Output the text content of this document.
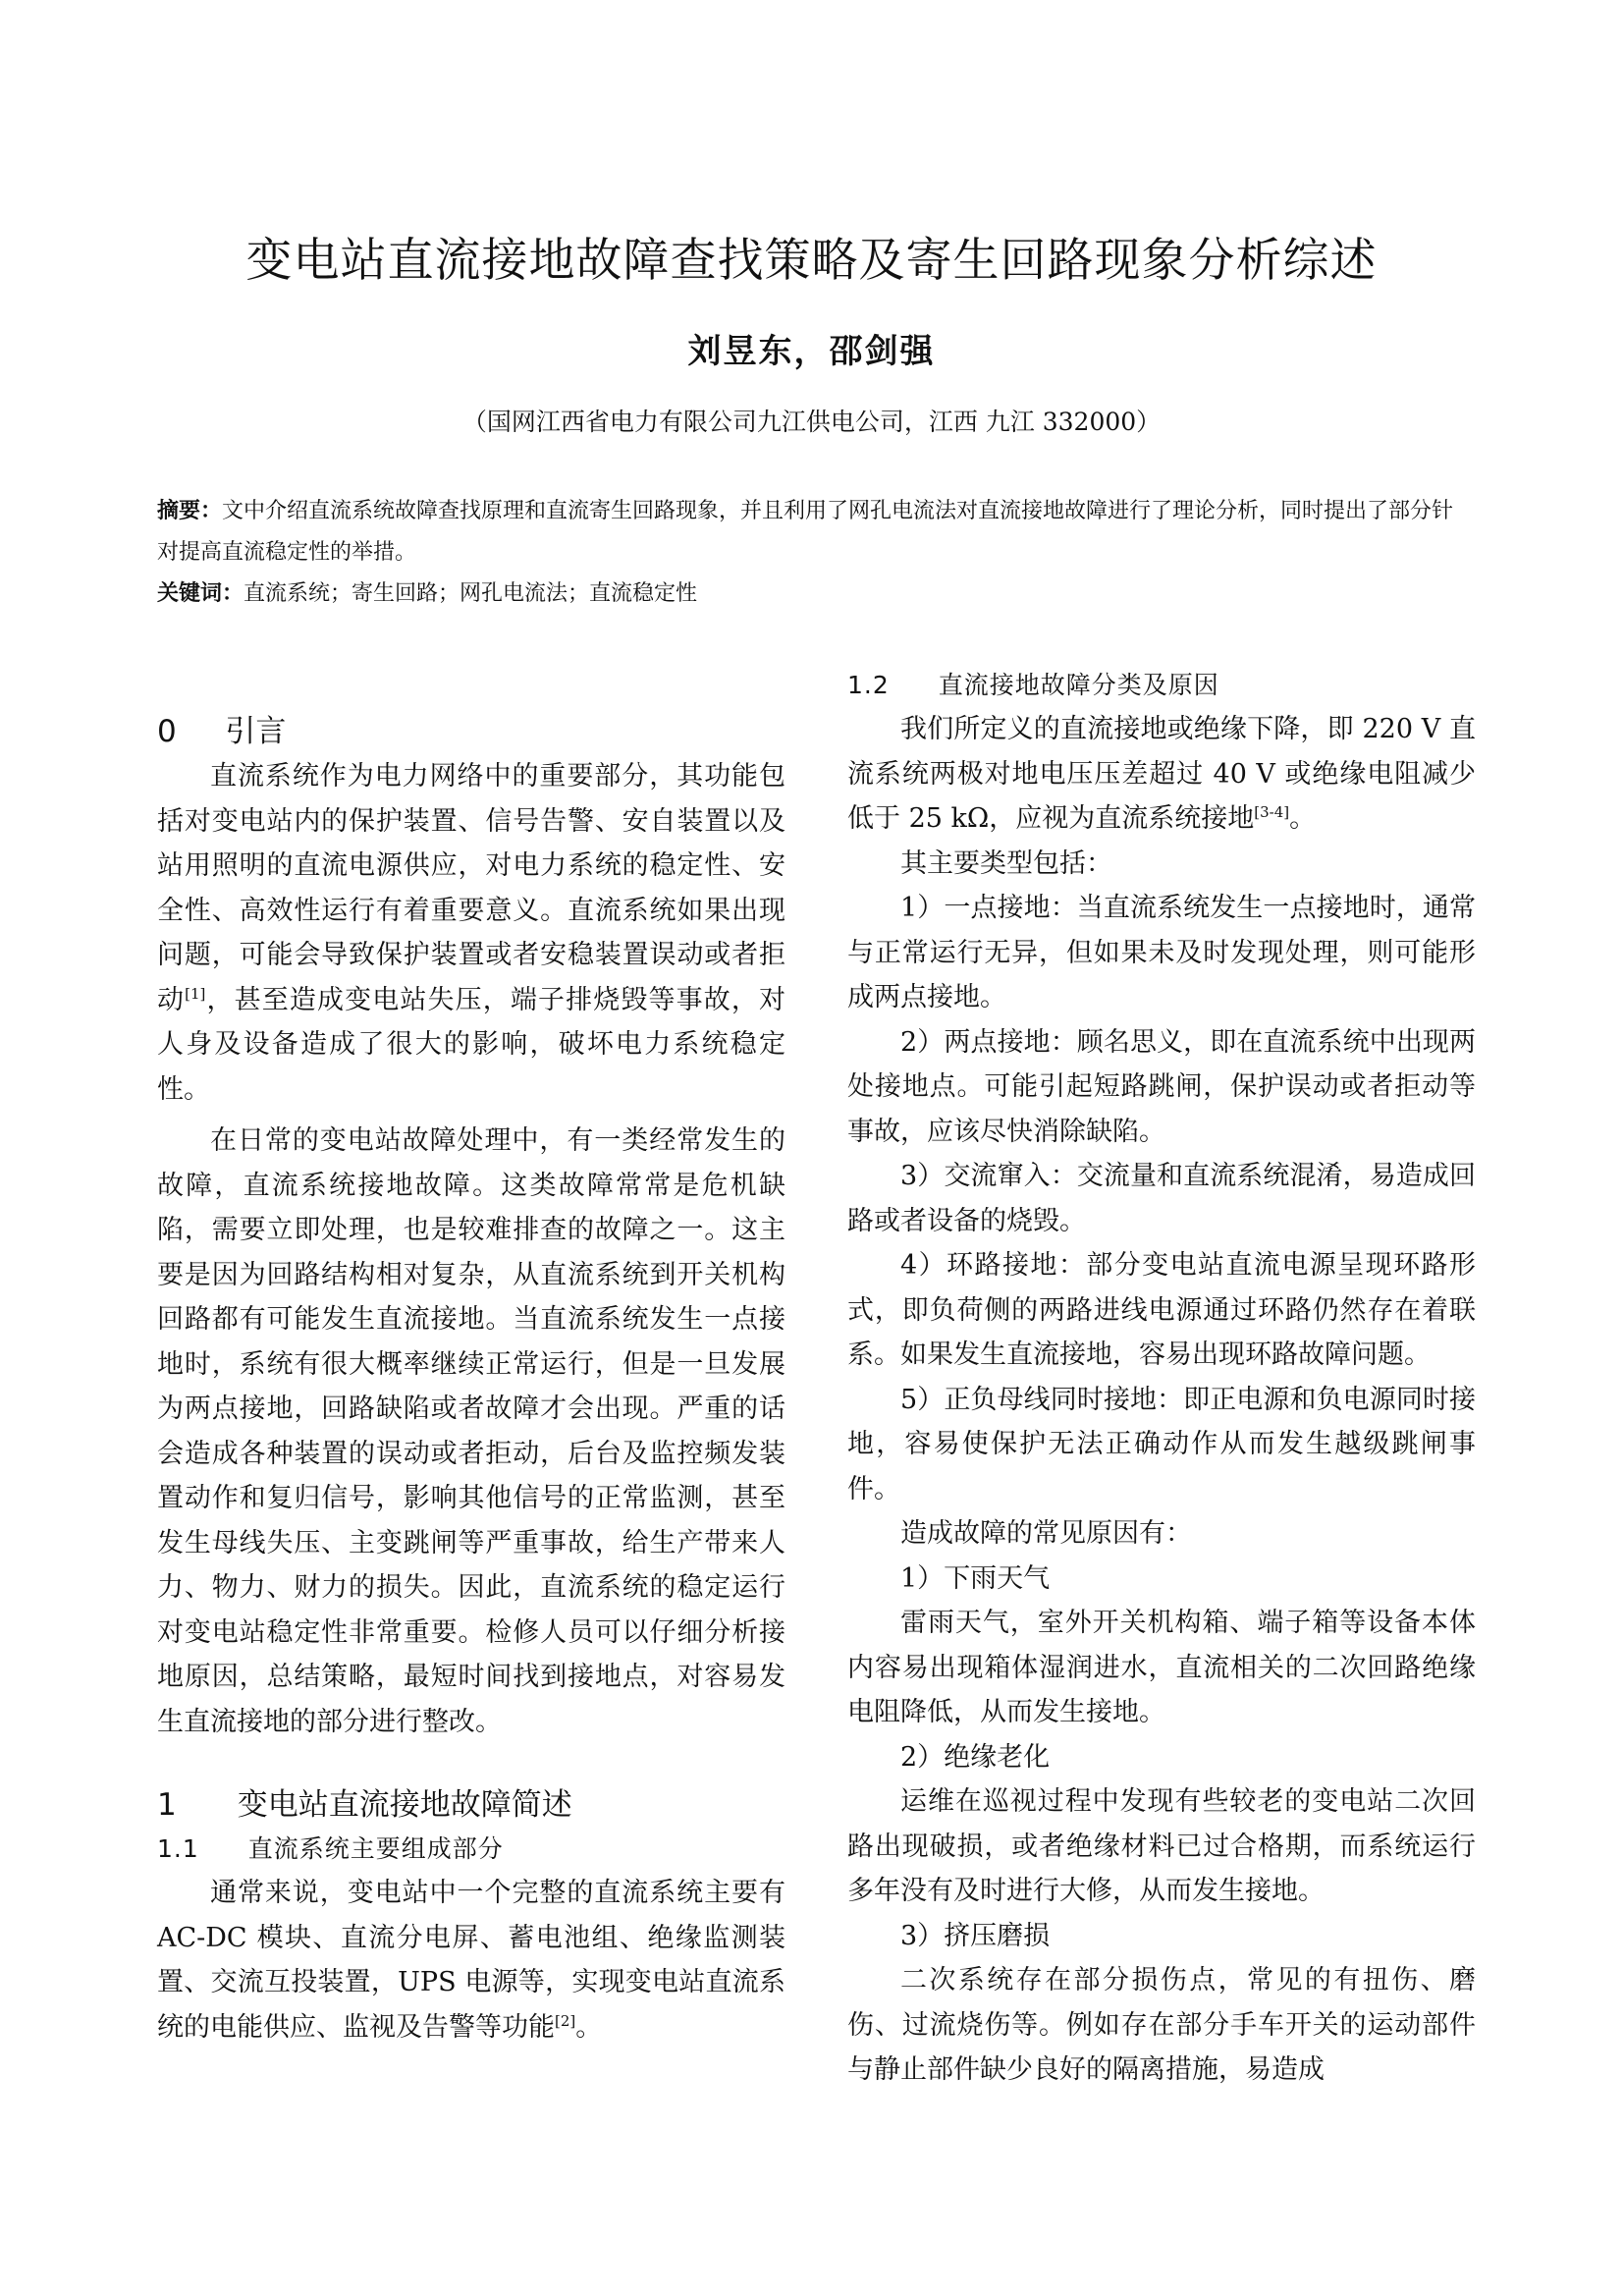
变电站直流接地故障查找策略及寄生回路现象分析综述
刘昱东，邵剑强
（国网江西省电力有限公司九江供电公司，江西 九江 332000）

摘要：文中介绍直流系统故障查找原理和直流寄生回路现象，并且利用了网孔电流法对直流接地故障进行了理论分析，同时提出了部分针对提高直流稳定性的举措。

关键词：直流系统；寄生回路；网孔电流法；直流稳定性

0 引言

直流系统作为电力网络中的重要部分，其功能包括对变电站内的保护装置、信号告警、安自装置以及站用照明的直流电源供应，对电力系统的稳定性、安全性、高效性运行有着重要意义。直流系统如果出现问题，可能会导致保护装置或者安稳装置误动或者拒动[1]，甚至造成变电站失压，端子排烧毁等事故，对人身及设备造成了很大的影响，破坏电力系统稳定性。

在日常的变电站故障处理中，有一类经常发生的故障，直流系统接地故障。这类故障常常是危机缺陷，需要立即处理，也是较难排查的故障之一。这主要是因为回路结构相对复杂，从直流系统到开关机构回路都有可能发生直流接地。当直流系统发生一点接地时，系统有很大概率继续正常运行，但是一旦发展为两点接地，回路缺陷或者故障才会出现。严重的话会造成各种装置的误动或者拒动，后台及监控频发装置动作和复归信号，影响其他信号的正常监测，甚至发生母线失压、主变跳闸等严重事故，给生产带来人力、物力、财力的损失。因此，直流系统的稳定运行对变电站稳定性非常重要。检修人员可以仔细分析接地原因，总结策略，最短时间找到接地点，对容易发生直流接地的部分进行整改。

1 变电站直流接地故障简述
1.1 直流系统主要组成部分

通常来说，变电站中一个完整的直流系统主要有 AC-DC 模块、直流分电屏、蓄电池组、绝缘监测装置、交流互投装置，UPS 电源等，实现变电站直流系统的电能供应、监视及告警等功能[2]。

1.2 直流接地故障分类及原因

我们所定义的直流接地或绝缘下降，即 220 V 直流系统两极对地电压压差超过 40 V 或绝缘电阻减少低于 25 kΩ，应视为直流系统接地[3-4]。

其主要类型包括：

1）一点接地：当直流系统发生一点接地时，通常与正常运行无异，但如果未及时发现处理，则可能形成两点接地。

2）两点接地：顾名思义，即在直流系统中出现两处接地点。可能引起短路跳闸，保护误动或者拒动等事故，应该尽快消除缺陷。

3）交流窜入：交流量和直流系统混淆，易造成回路或者设备的烧毁。

4）环路接地：部分变电站直流电源呈现环路形式，即负荷侧的两路进线电源通过环路仍然存在着联系。如果发生直流接地，容易出现环路故障问题。

5）正负母线同时接地：即正电源和负电源同时接地，容易使保护无法正确动作从而发生越级跳闸事件。

造成故障的常见原因有：

1）下雨天气

雷雨天气，室外开关机构箱、端子箱等设备本体内容易出现箱体湿润进水，直流相关的二次回路绝缘电阻降低，从而发生接地。

2）绝缘老化

运维在巡视过程中发现有些较老的变电站二次回路出现破损，或者绝缘材料已过合格期，而系统运行多年没有及时进行大修，从而发生接地。

3）挤压磨损

二次系统存在部分损伤点，常见的有扭伤、磨伤、过流烧伤等。例如存在部分手车开关的运动部件与静止部件缺少良好的隔离措施，易造成
